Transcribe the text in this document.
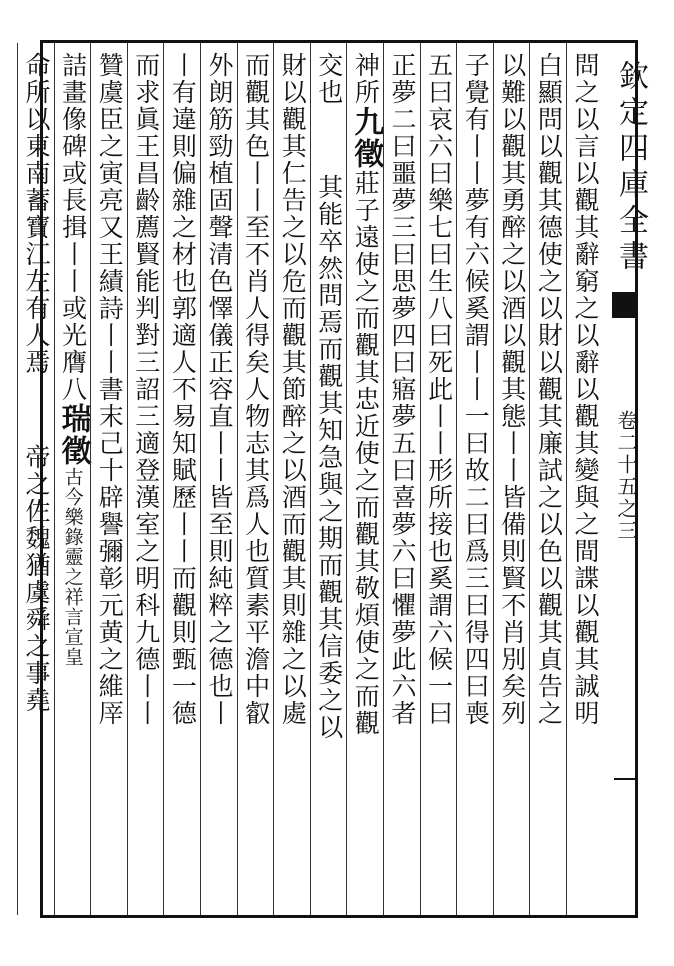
欽定四庫全書
卷二十五之三
問之以言以觀其辭窮之以辭以觀其變與之間諜以觀其誠明
白顯問以觀其德使之以財以觀其廉試之以色以觀其貞告之
以難以觀其勇醉之以酒以觀其態丨丨皆備則賢不肖別矣列
子覺有丨丨夢有六候奚謂丨丨一曰故二曰爲三曰得四曰喪
五曰哀六曰樂七曰生八曰死此丨丨形所接也奚謂六候一曰
正夢二曰噩夢三曰思夢四曰寤夢五曰喜夢六曰懼夢此六者
神所九徵莊子遠使之而觀其忠近使之而觀其敬煩使之而觀
交也其能卒然問焉而觀其知急與之期而觀其信委之以
財以觀其仁告之以危而觀其節醉之以酒而觀其則雜之以處
而觀其色丨丨至不肖人得矣人物志其爲人也質素平澹中叡
外朗筋勁植固聲清色懌儀正容直丨丨皆至則純粹之德也丨
丨有違則偏雜之材也郭適人不易知賦歷丨丨而觀則甄一德
而求眞王昌齡薦賢能判對三詔三適登漢室之明科九德丨丨
贊虞臣之寅亮又王績詩丨丨書末己十辟譽彌彰元黄之維厗
詰畫像碑或長揖丨丨或光膺八瑞徵古今樂錄靈之祥言宣皇
命所以東南蓄寶江左有人焉帝之佐魏猶虞舜之事堯
